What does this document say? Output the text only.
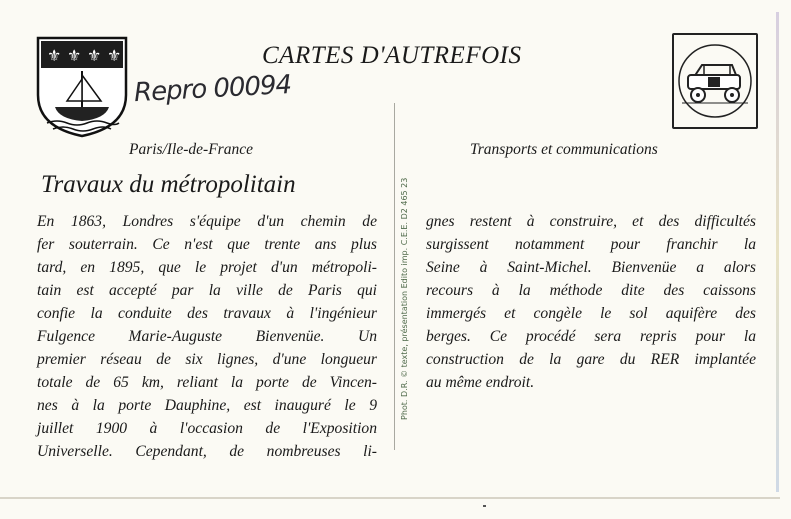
⚜ ⚜ ⚜ ⚜	CARTES D'AUTREFOIS
Repro 00094
Paris/Ile-de-France	Transports et communications
Travaux du métropolitain
En 1863, Londres s'équipe d'un chemin de
fer souterrain. Ce n'est que trente ans plus
tard, en 1895, que le projet d'un métropoli-
tain est accepté par la ville de Paris qui
confie la conduite des travaux à l'ingénieur
Fulgence Marie-Auguste Bienvenüe. Un
premier réseau de six lignes, d'une longueur
totale de 65 km, reliant la porte de Vincen-
nes à la porte Dauphine, est inauguré le 9
juillet 1900 à l'occasion de l'Exposition
Universelle. Cependant, de nombreuses li-
Phot. D.R. © texte, présentation Edito imp. C.E.E. D2 465 23 gnes restent à construire, et des difficultés
surgissent notamment pour franchir la
Seine à Saint-Michel. Bienvenüe a alors
recours à la méthode dite des caissons
immergés et congèle le sol aquifère des
berges. Ce procédé sera repris pour la
construction de la gare du RER implantée
au même endroit.
